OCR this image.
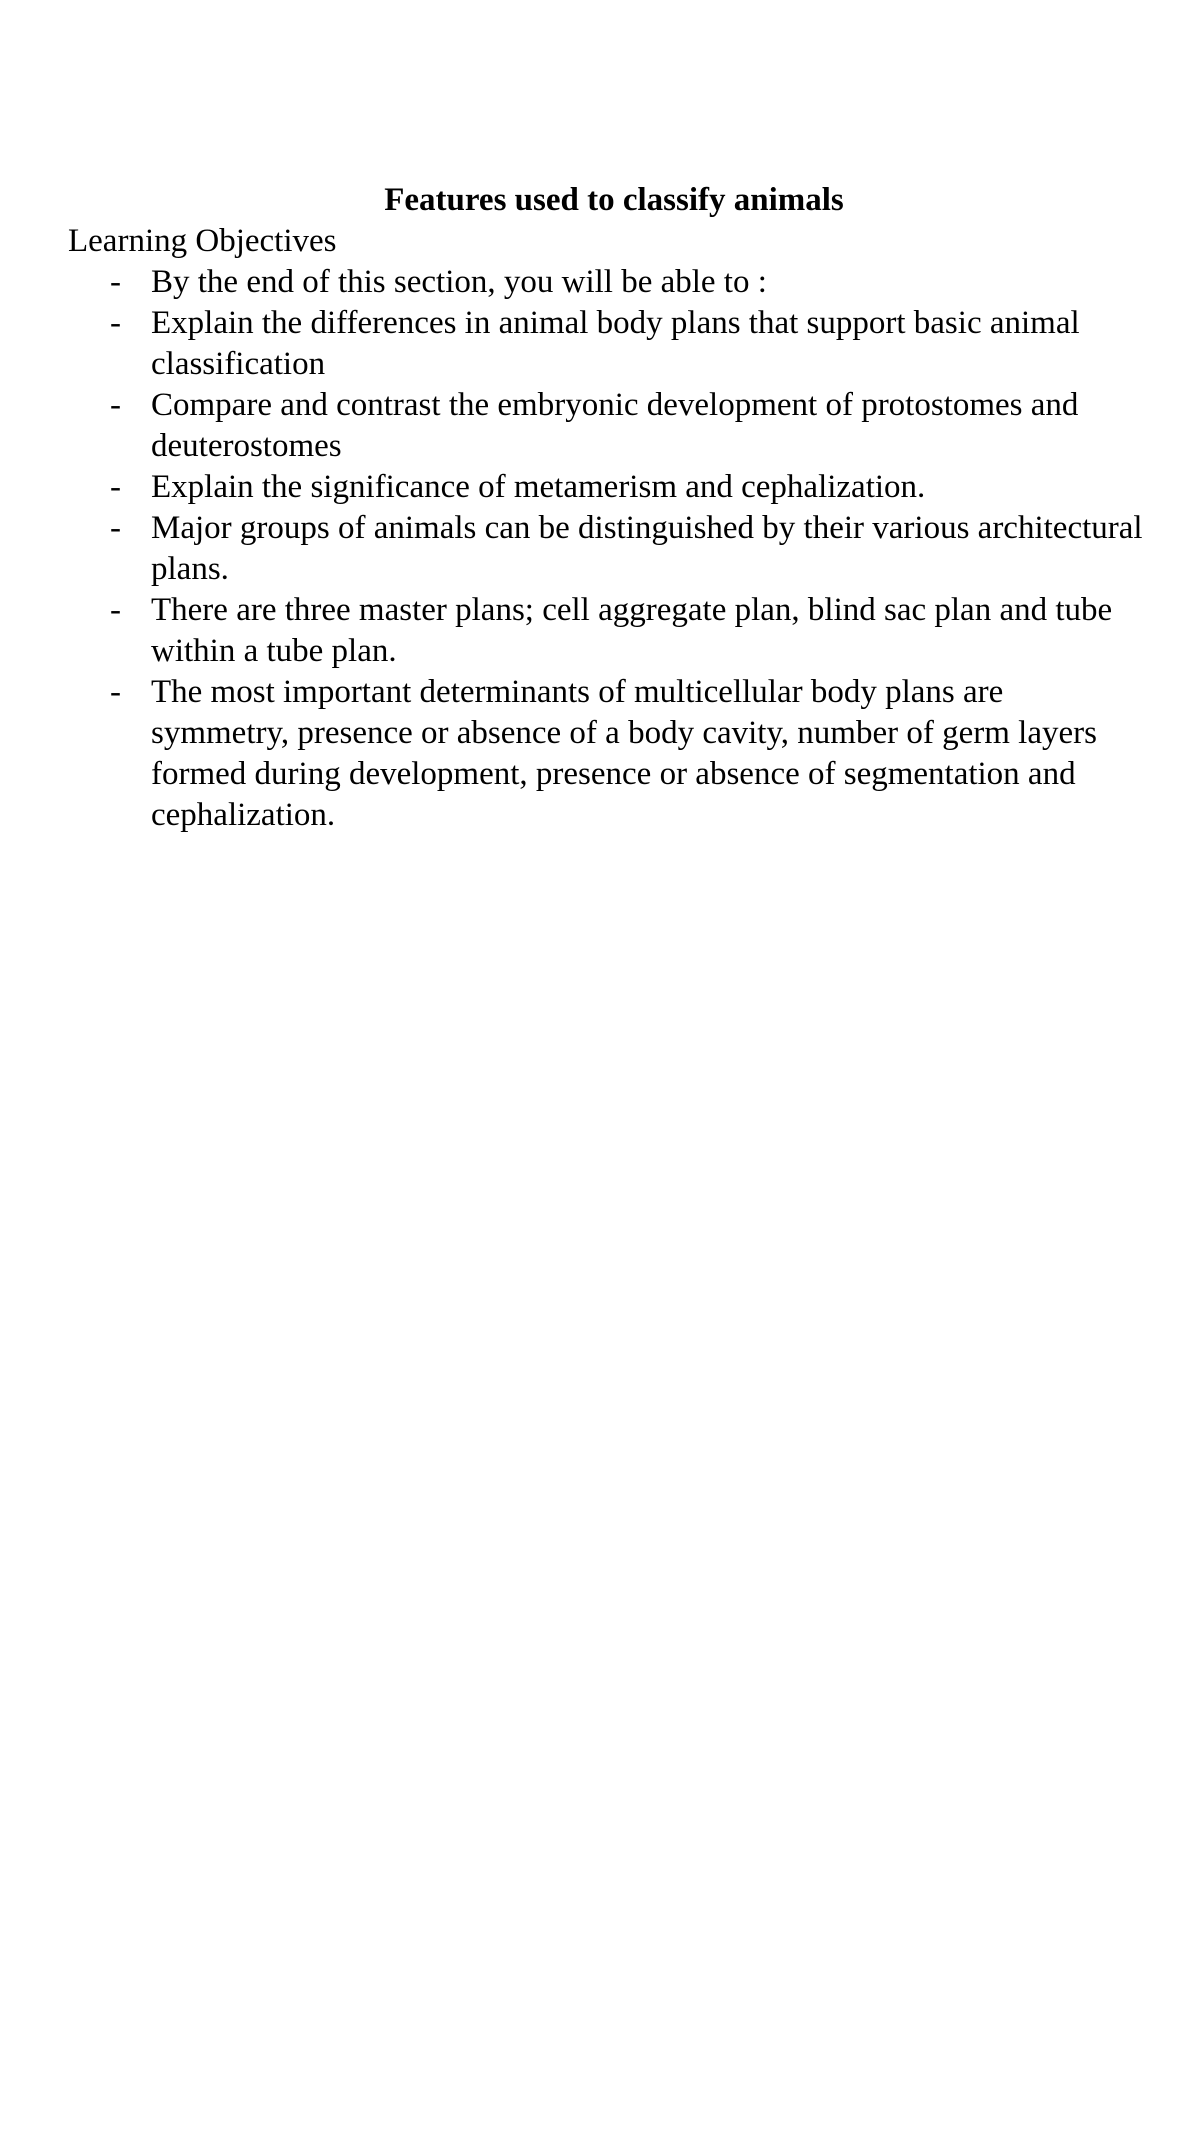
Features used to classify animals

Learning Objectives

- By the end of this section, you will be able to :
- Explain the differences in animal body plans that support basic animal classification
- Compare and contrast the embryonic development of protostomes and deuterostomes
- Explain the significance of metamerism and cephalization.
- Major groups of animals can be distinguished by their various architectural plans.
- There are three master plans; cell aggregate plan, blind sac plan and tube within a tube plan.
- The most important determinants of multicellular body plans are symmetry, presence or absence of a body cavity, number of germ layers formed during development, presence or absence of segmentation and cephalization.
